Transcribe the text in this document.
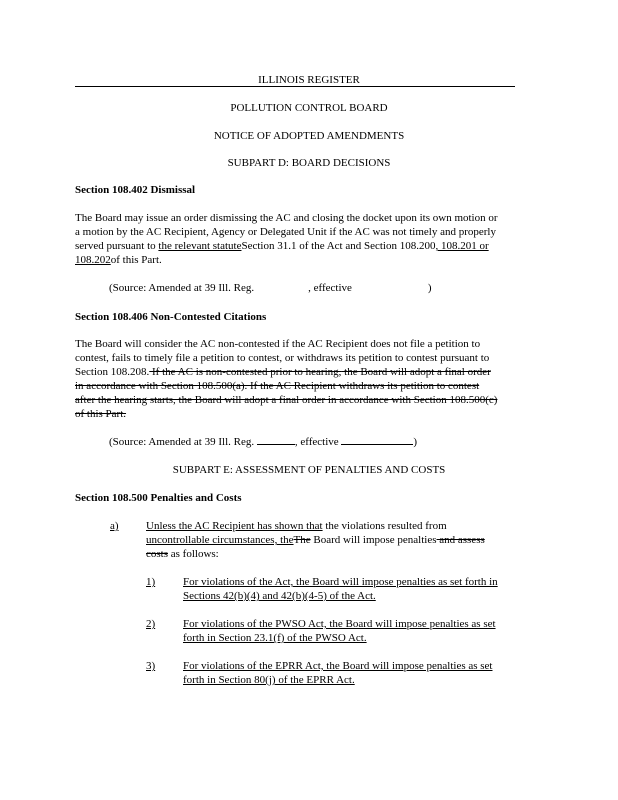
ILLINOIS REGISTER
POLLUTION CONTROL BOARD
NOTICE OF ADOPTED AMENDMENTS
SUBPART D: BOARD DECISIONS
Section 108.402 Dismissal
The Board may issue an order dismissing the AC and closing the docket upon its own motion or
a motion by the AC Recipient, Agency or Delegated Unit if the AC was not timely and properly
served pursuant to the relevant statuteSection 31.1 of the Act and Section 108.200, 108.201 or
108.202of this Part.
(Source: Amended at 39 Ill. Reg.	, effective	)
Section 108.406 Non-Contested Citations
The Board will consider the AC non-contested if the AC Recipient does not file a petition to
contest, fails to timely file a petition to contest, or withdraws its petition to contest pursuant to
Section 108.208. If the AC is non-contested prior to hearing, the Board will adopt a final order
in accordance with Section 108.500(a). If the AC Recipient withdraws its petition to contest
after the hearing starts, the Board will adopt a final order in accordance with Section 108.500(c)
of this Part.
(Source: Amended at 39 Ill. Reg.	, effective	)
SUBPART E: ASSESSMENT OF PENALTIES AND COSTS
Section 108.500 Penalties and Costs
a) Unless the AC Recipient has shown that the violations resulted from
uncontrollable circumstances, theThe Board will impose penalties and assess
costs as follows:
1)	For violations of the Act, the Board will impose penalties as set forth in
Sections 42(b)(4) and 42(b)(4-5) of the Act.
2)	For violations of the PWSO Act, the Board will impose penalties as set
forth in Section 23.1(f) of the PWSO Act.
3)	For violations of the EPRR Act, the Board will impose penalties as set
forth in Section 80(j) of the EPRR Act.
